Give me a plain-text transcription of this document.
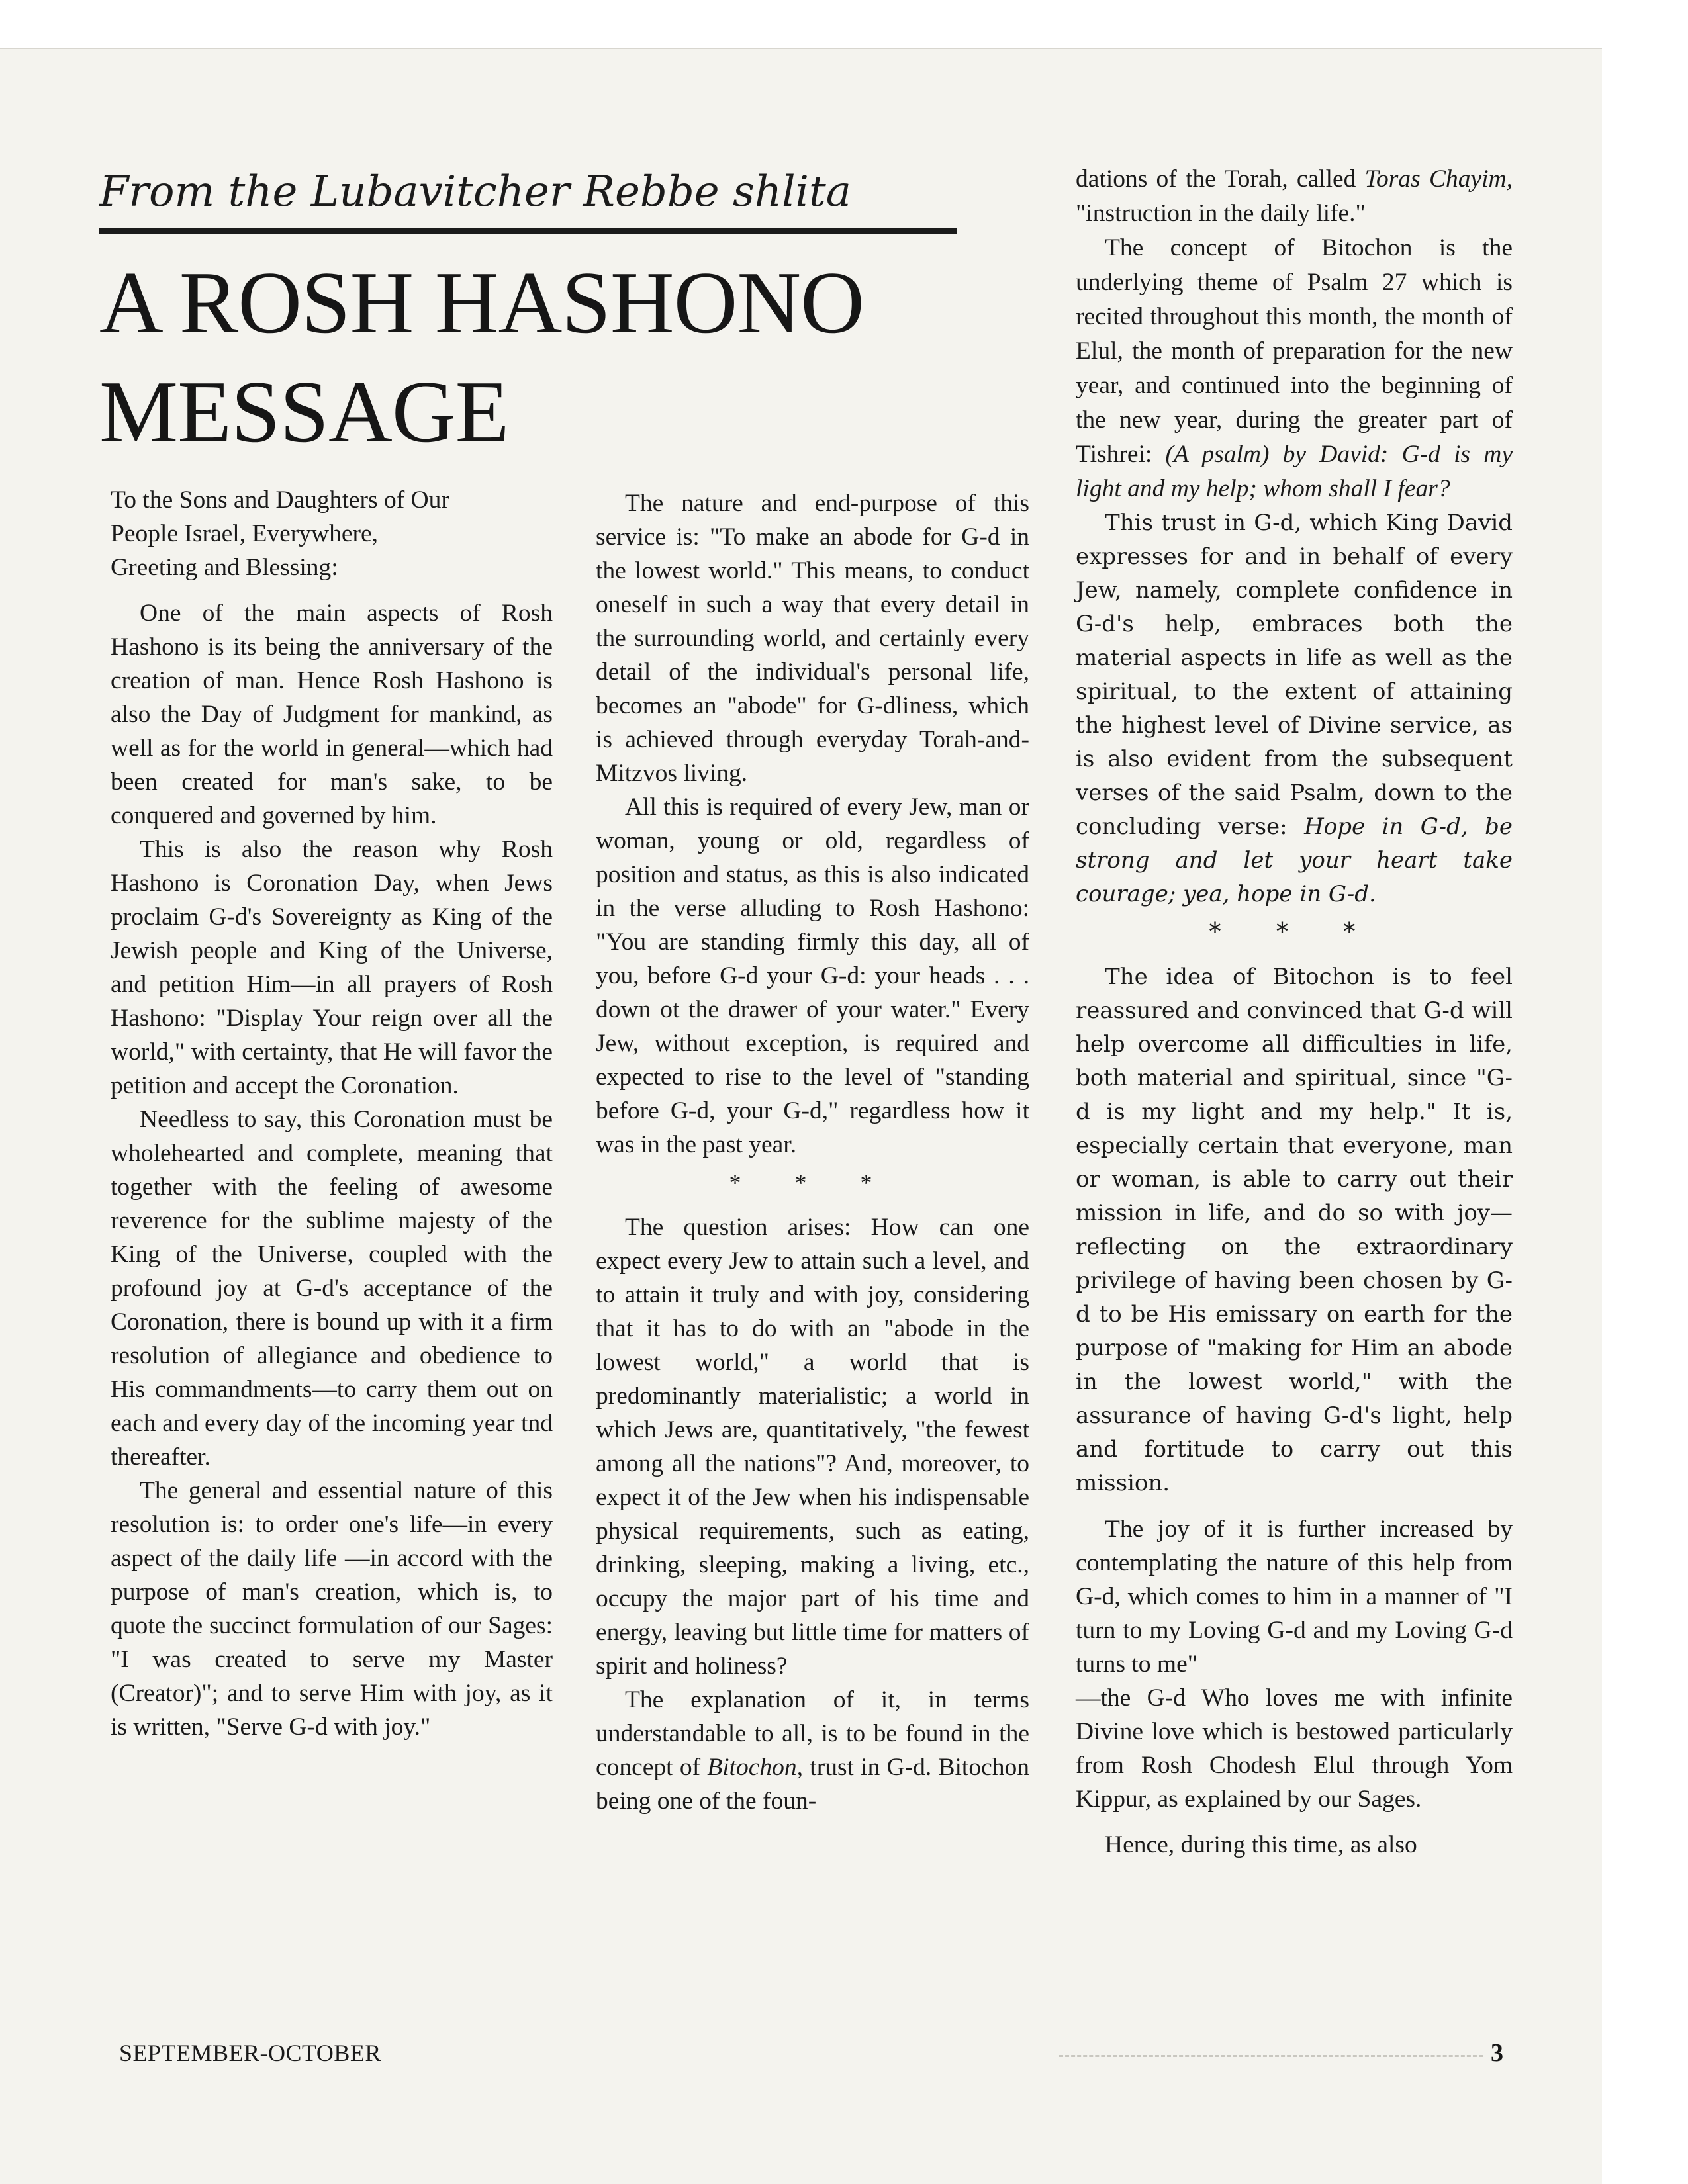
From the Lubavitcher Rebbe shlita
A ROSH HASHONO
MESSAGE

To the Sons and Daughters of Our

People Israel, Everywhere,

Greeting and Blessing:

One of the main aspects of Rosh Hashono is its being the anniversary of the creation of man. Hence Rosh Hashono is also the Day of Judgment for mankind, as well as for the world in general—which had been created for man's sake, to be conquered and governed by him.

This is also the reason why Rosh Hashono is Coronation Day, when Jews proclaim G-d's Sovereignty as King of the Jewish people and King of the Universe, and petition Him—in all prayers of Rosh Hashono: "Display Your reign over all the world," with certainty, that He will favor the petition and accept the Coronation.

Needless to say, this Coronation must be wholehearted and complete, meaning that together with the feeling of awesome reverence for the sublime majesty of the King of the Universe, coupled with the profound joy at G-d's acceptance of the Coronation, there is bound up with it a firm resolution of allegiance and obedience to His commandments—to carry them out on each and every day of the incoming year tnd thereafter.

The general and essential nature of this resolution is: to order one's life—in every aspect of the daily life —in accord with the purpose of man's creation, which is, to quote the succinct formulation of our Sages: "I was created to serve my Master (Creator)"; and to serve Him with joy, as it is written, "Serve G-d with joy."

The nature and end-purpose of this service is: "To make an abode for G-d in the lowest world." This means, to conduct oneself in such a way that every detail in the surrounding world, and certainly every detail of the individual's personal life, becomes an "abode" for G-dliness, which is achieved through everyday Torah-and-Mitzvos living.

All this is required of every Jew, man or woman, young or old, regardless of position and status, as this is also indicated in the verse alluding to Rosh Hashono: "You are standing firmly this day, all of you, before G-d your G-d: your heads . . . down ot the drawer of your water." Every Jew, without exception, is required and expected to rise to the level of "standing before G-d, your G-d," regardless how it was in the past year.

* * *

The question arises: How can one expect every Jew to attain such a level, and to attain it truly and with joy, considering that it has to do with an "abode in the lowest world," a world that is predominantly materialistic; a world in which Jews are, quantitatively, "the fewest among all the nations"? And, moreover, to expect it of the Jew when his indispensable physical requirements, such as eating, drinking, sleeping, making a living, etc., occupy the major part of his time and energy, leaving but little time for matters of spirit and holiness?

The explanation of it, in terms understandable to all, is to be found in the concept of Bitochon, trust in G-d. Bitochon being one of the foun-

dations of the Torah, called Toras Chayim, "instruction in the daily life."

The concept of Bitochon is the underlying theme of Psalm 27 which is recited throughout this month, the month of Elul, the month of preparation for the new year, and continued into the beginning of the new year, during the greater part of Tishrei: (A psalm) by David: G-d is my light and my help; whom shall I fear?

This trust in G-d, which King David expresses for and in behalf of every Jew, namely, complete confidence in G-d's help, embraces both the material aspects in life as well as the spiritual, to the extent of attaining the highest level of Divine service, as is also evident from the subsequent verses of the said Psalm, down to the concluding verse: Hope in G-d, be strong and let your heart take courage; yea, hope in G-d.

* * *

The idea of Bitochon is to feel reassured and convinced that G-d will help overcome all difficulties in life, both material and spiritual, since "G-d is my light and my help." It is, especially certain that everyone, man or woman, is able to carry out their mission in life, and do so with joy—reflecting on the extraordinary privilege of having been chosen by G-d to be His emissary on earth for the purpose of "making for Him an abode in the lowest world," with the assurance of having G-d's light, help and fortitude to carry out this mission.

The joy of it is further increased by contemplating the nature of this help from G-d, which comes to him in a manner of "I turn to my Loving G-d and my Loving G-d turns to me"

—the G-d Who loves me with infinite Divine love which is bestowed particularly from Rosh Chodesh Elul through Yom Kippur, as explained by our Sages.

Hence, during this time, as also

SEPTEMBER-OCTOBER	3
